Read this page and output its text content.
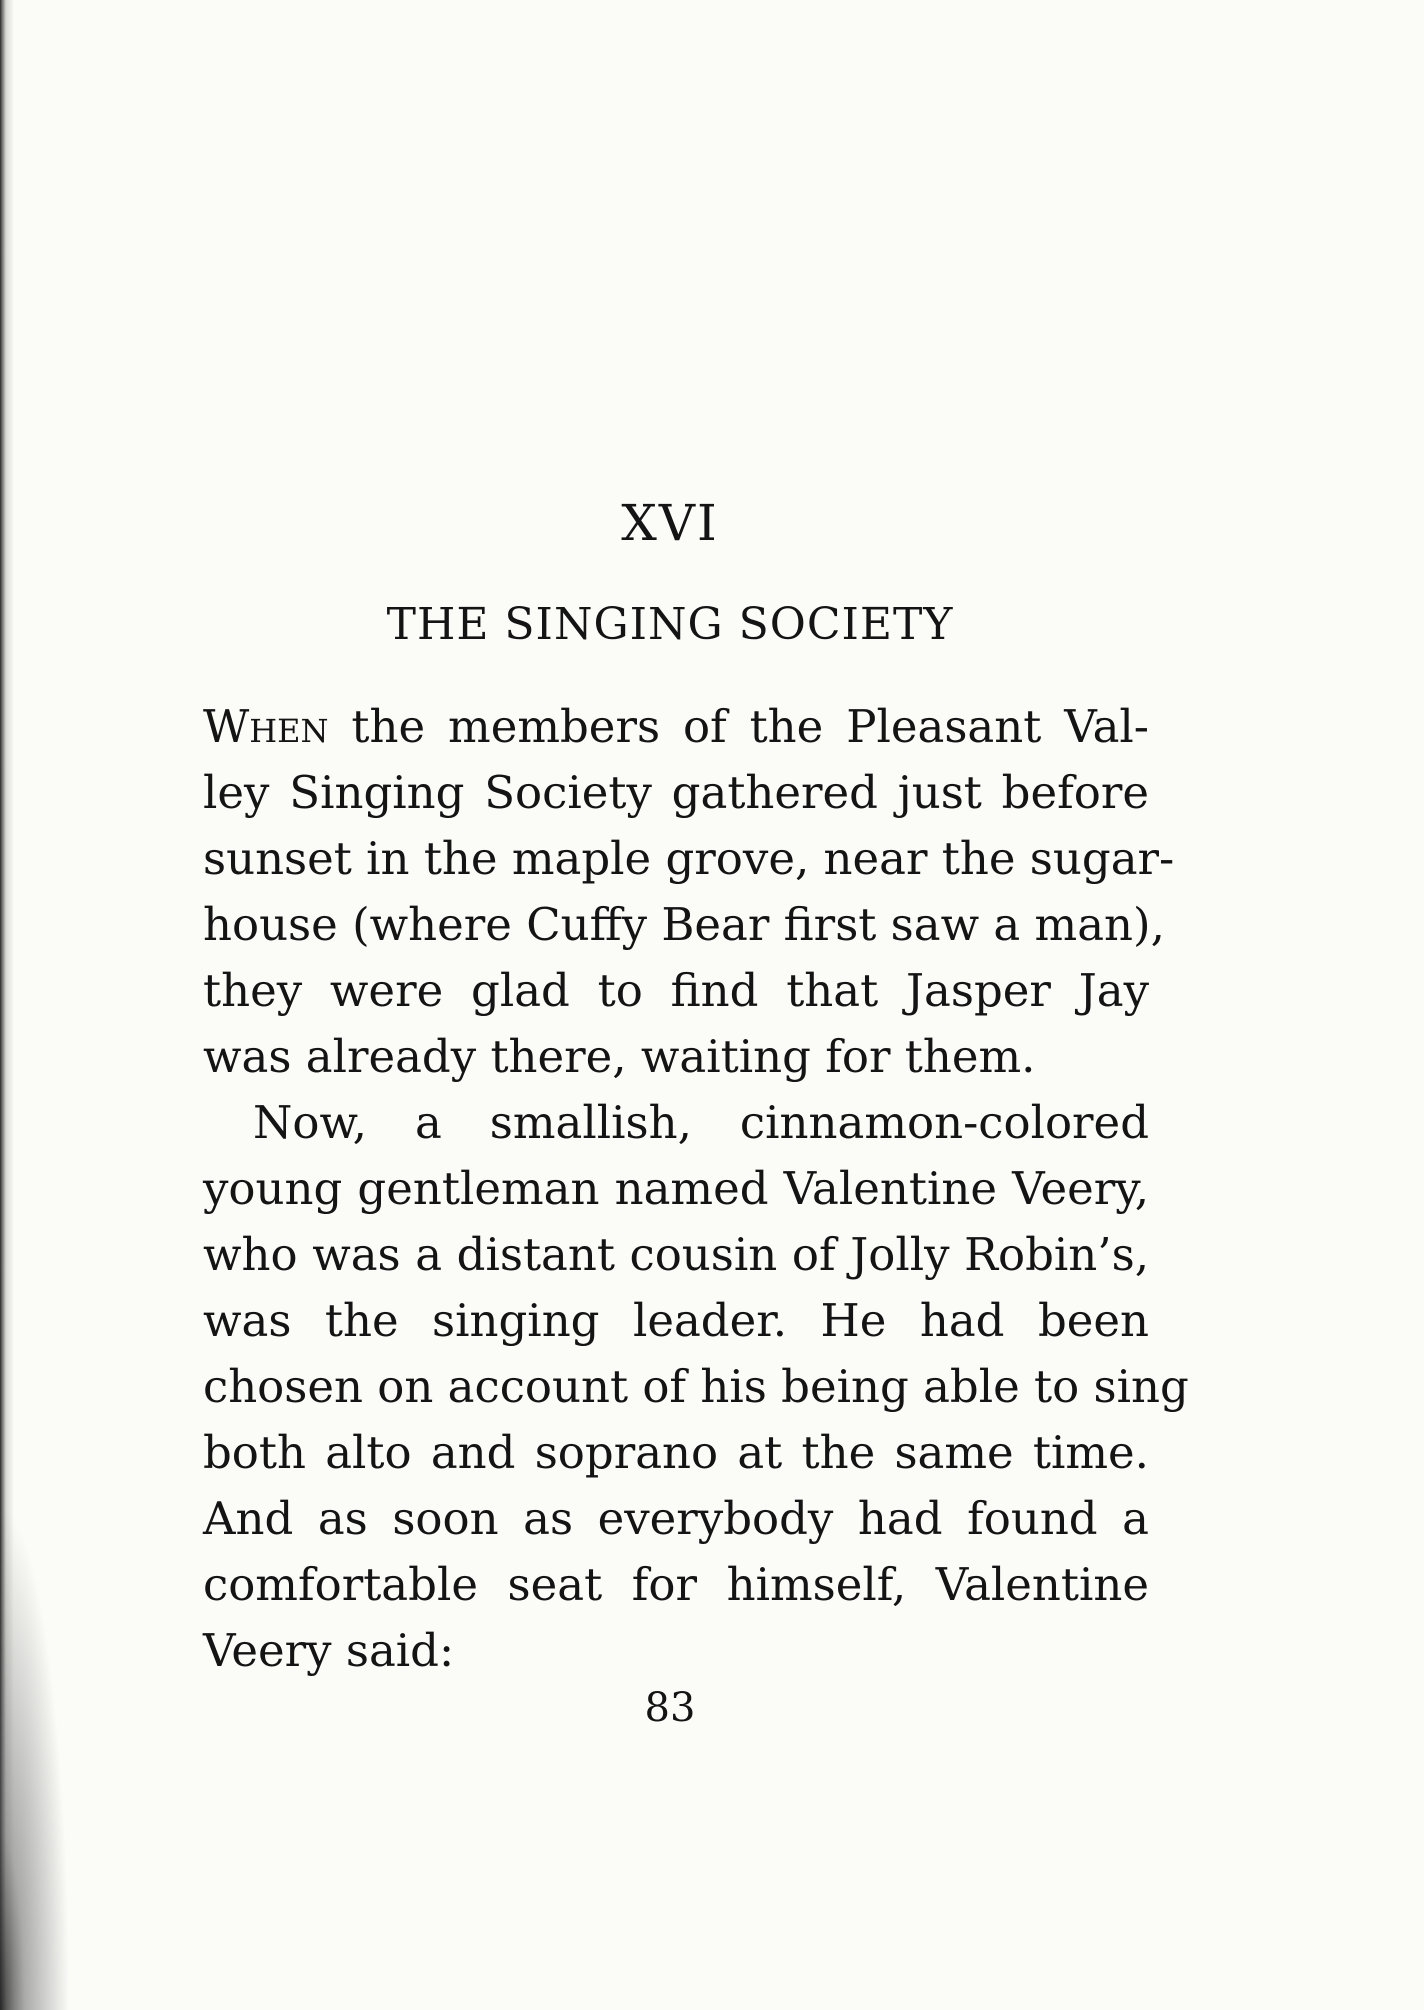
XVI
THE SINGING SOCIETY
When the members of the Pleasant Val-
ley Singing Society gathered just before
sunset in the maple grove, near the sugar-
house (where Cuffy Bear first saw a man),
they were glad to find that Jasper Jay
was already there, waiting for them.
Now, a smallish, cinnamon-colored
young gentleman named Valentine Veery,
who was a distant cousin of Jolly Robin’s,
was the singing leader. He had been
chosen on account of his being able to sing
both alto and soprano at the same time.
And as soon as everybody had found a
comfortable seat for himself, Valentine
Veery said:
83
